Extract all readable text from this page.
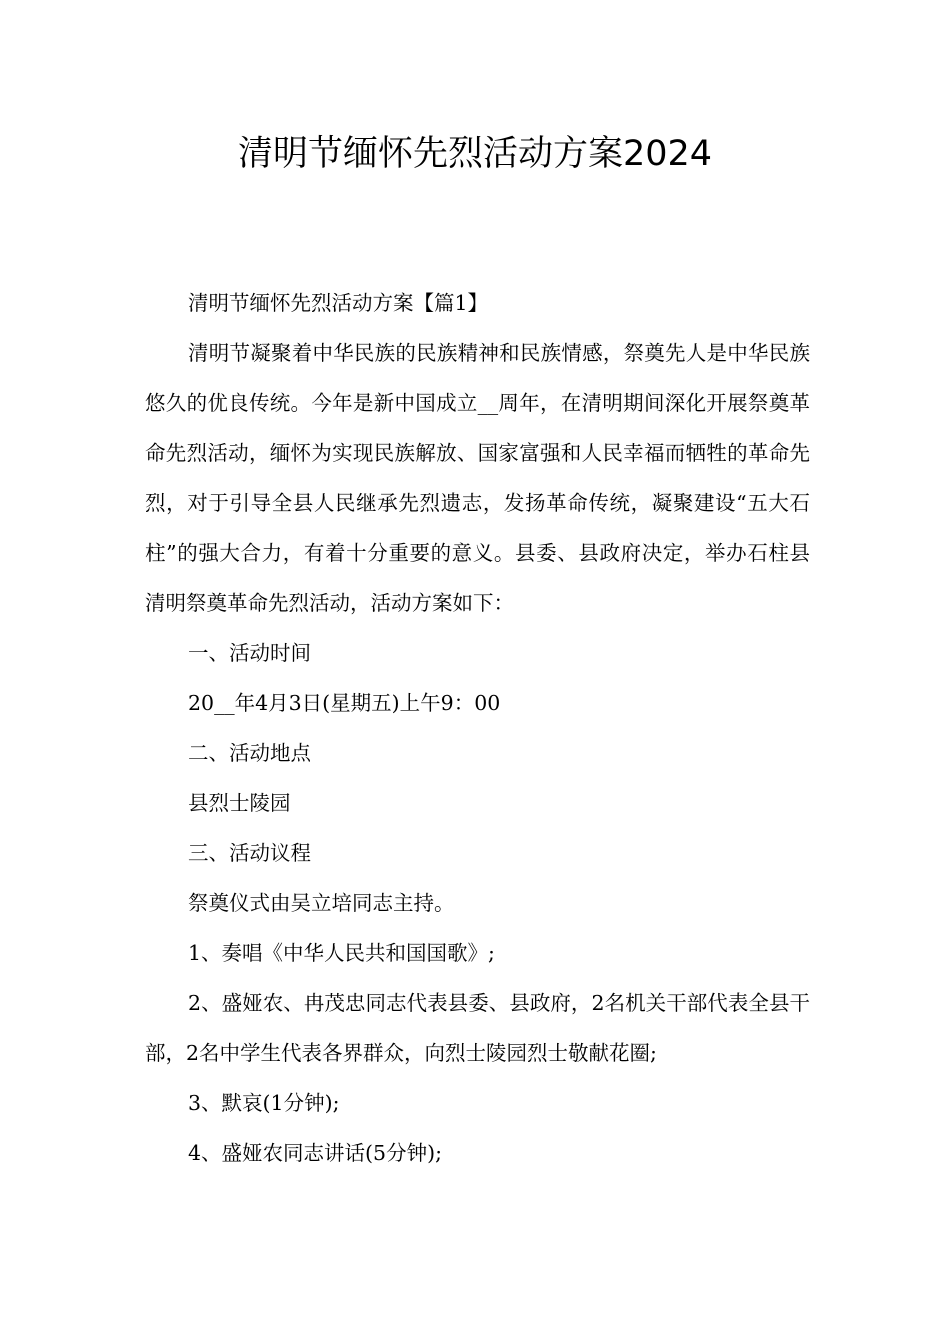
清明节缅怀先烈活动方案2024

清明节缅怀先烈活动方案【篇1】

清明节凝聚着中华民族的民族精神和民族情感，祭奠先人是中华民族悠久的优良传统。今年是新中国成立__周年，在清明期间深化开展祭奠革命先烈活动，缅怀为实现民族解放、国家富强和人民幸福而牺牲的革命先烈，对于引导全县人民继承先烈遗志，发扬革命传统，凝聚建设“五大石柱”的强大合力，有着十分重要的意义。县委、县政府决定，举办石柱县清明祭奠革命先烈活动，活动方案如下：

一、活动时间

20__年4月3日(星期五)上午9：00

二、活动地点

县烈士陵园

三、活动议程

祭奠仪式由吴立培同志主持。

1、奏唱《中华人民共和国国歌》;

2、盛娅农、冉茂忠同志代表县委、县政府，2名机关干部代表全县干部，2名中学生代表各界群众，向烈士陵园烈士敬献花圈;

3、默哀(1分钟);

4、盛娅农同志讲话(5分钟);
